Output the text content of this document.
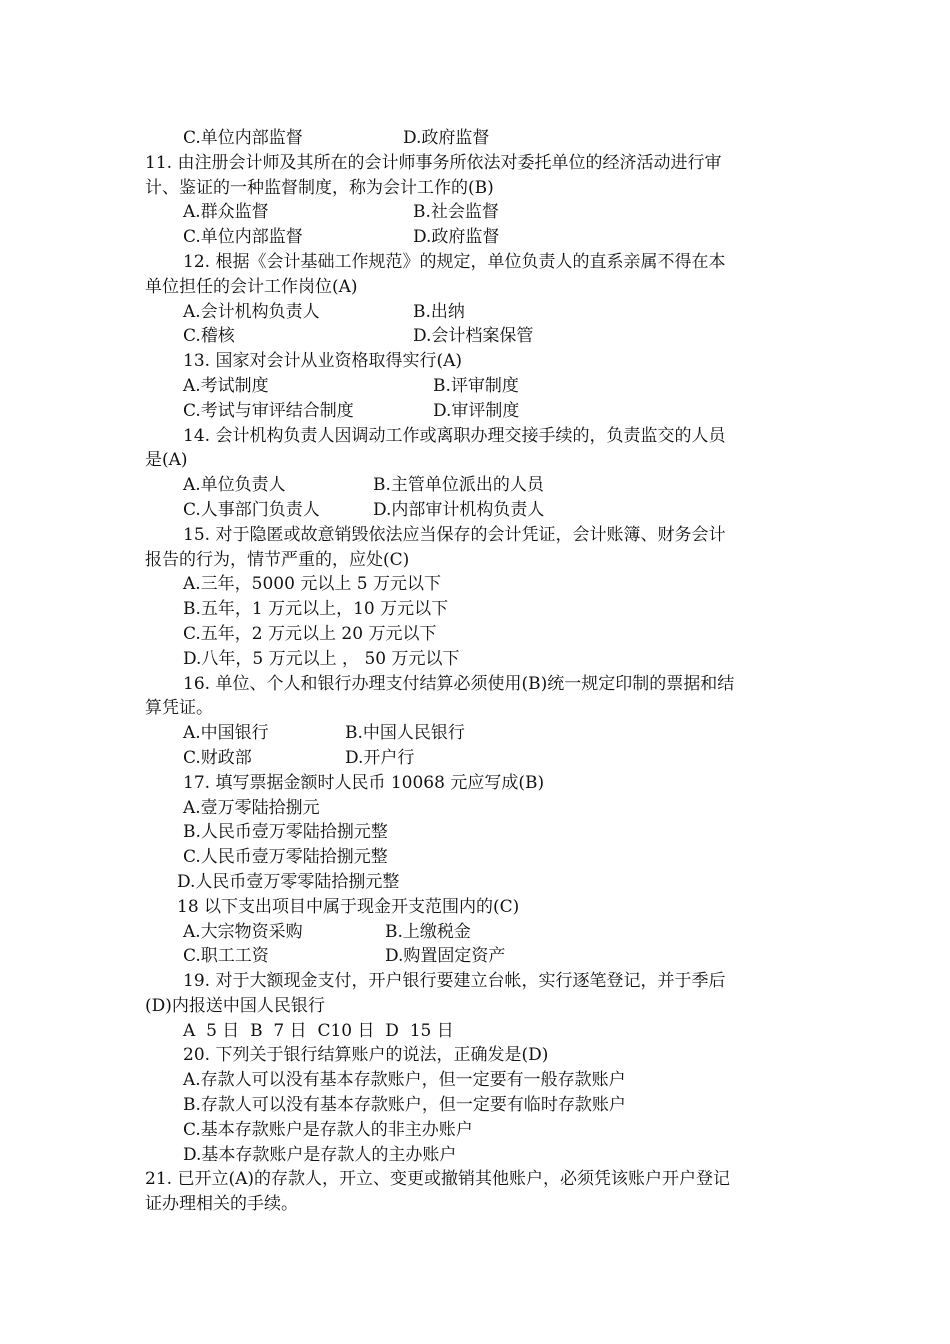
C.单位内部监督	D.政府监督
11. 由注册会计师及其所在的会计师事务所依法对委托单位的经济活动进行审
计、鉴证的一种监督制度，称为会计工作的(B)
A.群众监督	B.社会监督
C.单位内部监督	D.政府监督
12. 根据《会计基础工作规范》的规定，单位负责人的直系亲属不得在本
单位担任的会计工作岗位(A)
A.会计机构负责人	B.出纳
C.稽核	D.会计档案保管
13. 国家对会计从业资格取得实行(A)
A.考试制度	B.评审制度
C.考试与审评结合制度	D.审评制度
14. 会计机构负责人因调动工作或离职办理交接手续的，负责监交的人员
是(A)
A.单位负责人	B.主管单位派出的人员
C.人事部门负责人	D.内部审计机构负责人
15. 对于隐匿或故意销毁依法应当保存的会计凭证，会计账簿、财务会计
报告的行为，情节严重的，应处(C)
A.三年，5000 元以上 5 万元以下
B.五年，1 万元以上，10 万元以下
C.五年，2 万元以上 20 万元以下
D.八年，5 万元以上 ， 50 万元以下
16. 单位、个人和银行办理支付结算必须使用(B)统一规定印制的票据和结
算凭证。
A.中国银行	B.中国人民银行
C.财政部	D.开户行
17. 填写票据金额时人民币 10068 元应写成(B)
A.壹万零陆拾捌元
B.人民币壹万零陆拾捌元整
C.人民币壹万零陆拾捌元整
D.人民币壹万零零陆拾捌元整
18 以下支出项目中属于现金开支范围内的(C)
A.大宗物资采购	B.上缴税金
C.职工工资	D.购置固定资产
19. 对于大额现金支付，开户银行要建立台帐，实行逐笔登记，并于季后
(D)内报送中国人民银行
A  5 日  B  7 日  C10 日  D  15 日
20. 下列关于银行结算账户的说法，正确发是(D)
A.存款人可以没有基本存款账户，但一定要有一般存款账户
B.存款人可以没有基本存款账户，但一定要有临时存款账户
C.基本存款账户是存款人的非主办账户
D.基本存款账户是存款人的主办账户
21. 已开立(A)的存款人，开立、变更或撤销其他账户，必须凭该账户开户登记
证办理相关的手续。
